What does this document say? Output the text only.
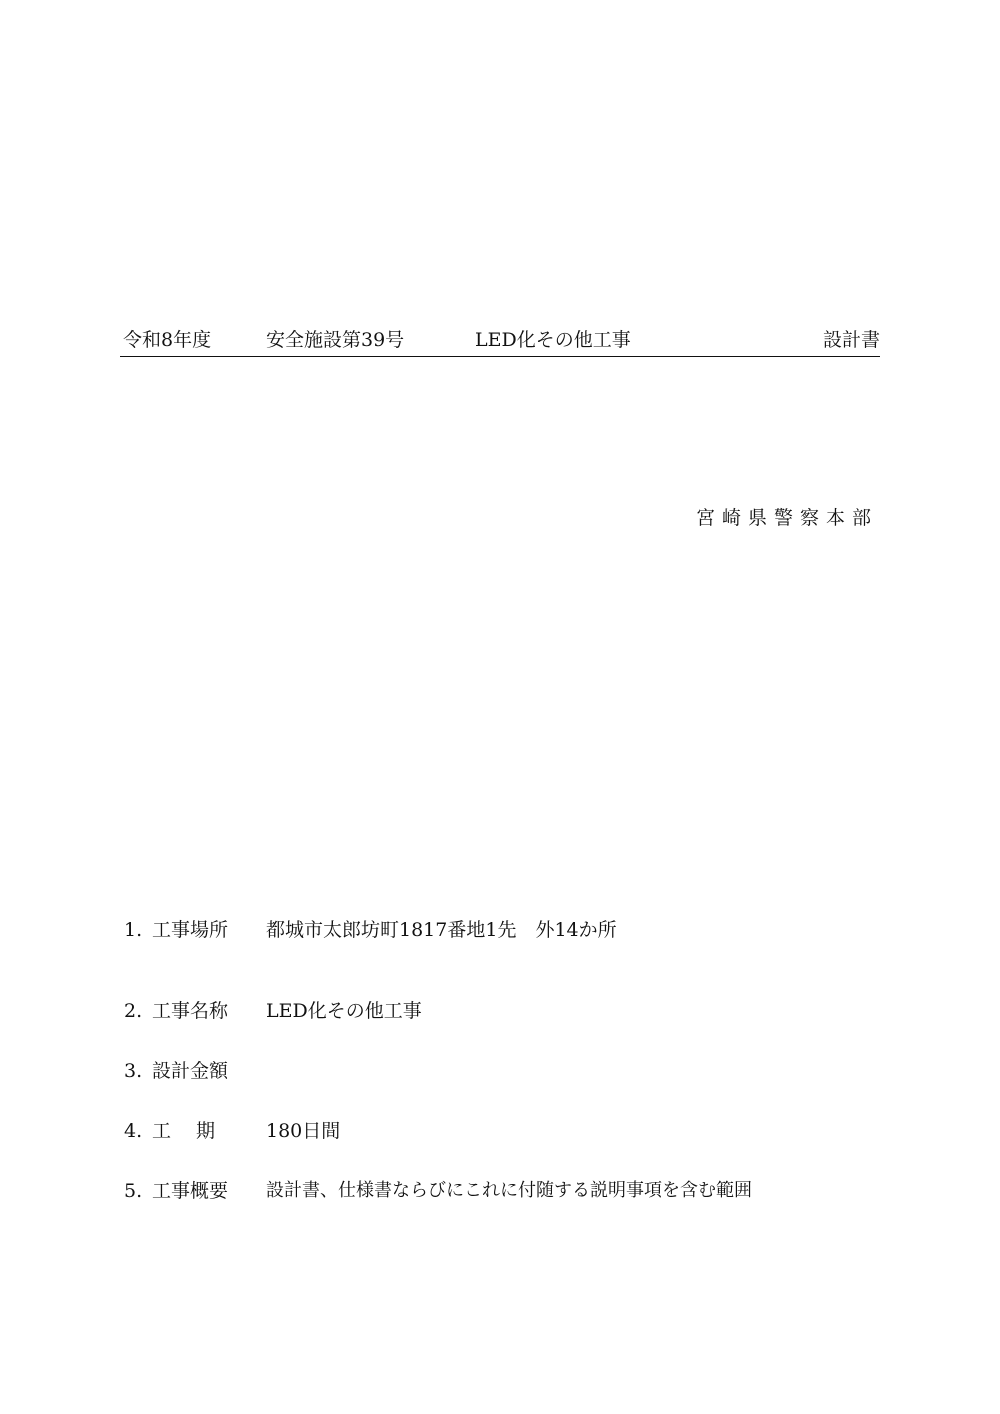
令和8年度	安全施設第39号	LED化その他工事	設計書
宮崎県警察本部
1. 工事場所 都城市太郎坊町1817番地1先　外14か所
2. 工事名称 LED化その他工事
3. 設計金額
4. 工　 期	180日間
5. 工事概要 設計書、仕様書ならびにこれに付随する説明事項を含む範囲
